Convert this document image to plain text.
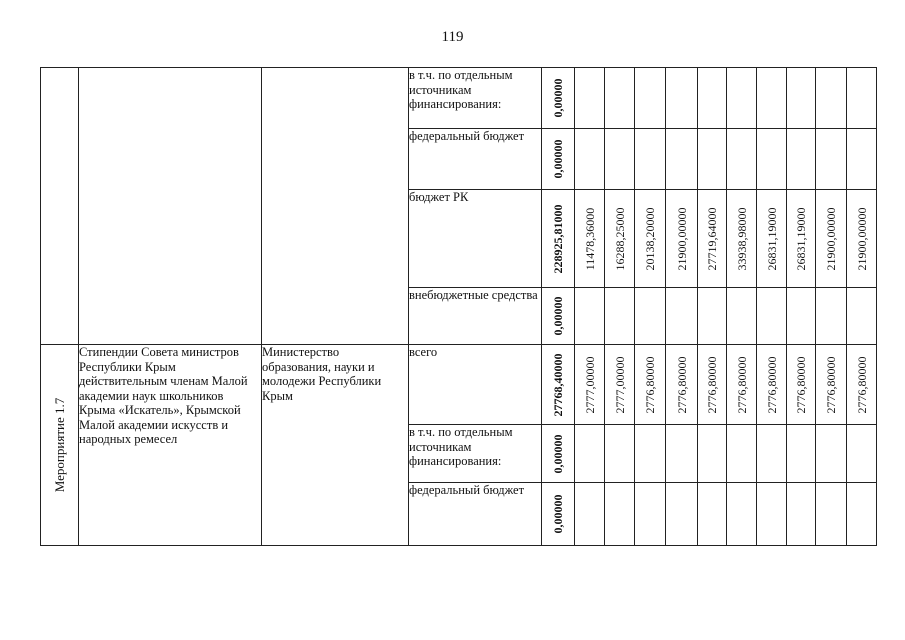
119
			в т.ч. по отдельным источникам финансирования:	0,00000										

			федеральный бюджет	0,00000										

			бюджет РК	228925,81000	11478,36000	16288,25000	20138,20000	21900,00000	27719,64000	33938,98000	26831,19000	26831,19000	21900,00000	21900,00000

			внебюджетные средства	0,00000										

Мероприятие 1.7	Стипендии Совета министров Республики Крым действительным членам Малой академии наук школьников Крыма «Искатель», Крымской Малой академии искусств и народных ремесел	Министерство образования, науки и молодежи Республики Крым	всего	27768,40000	2777,00000	2777,00000	2776,80000	2776,80000	2776,80000	2776,80000	2776,80000	2776,80000	2776,80000	2776,80000

			в т.ч. по отдельным источникам финансирования:	0,00000										

			федеральный бюджет	0,00000										
